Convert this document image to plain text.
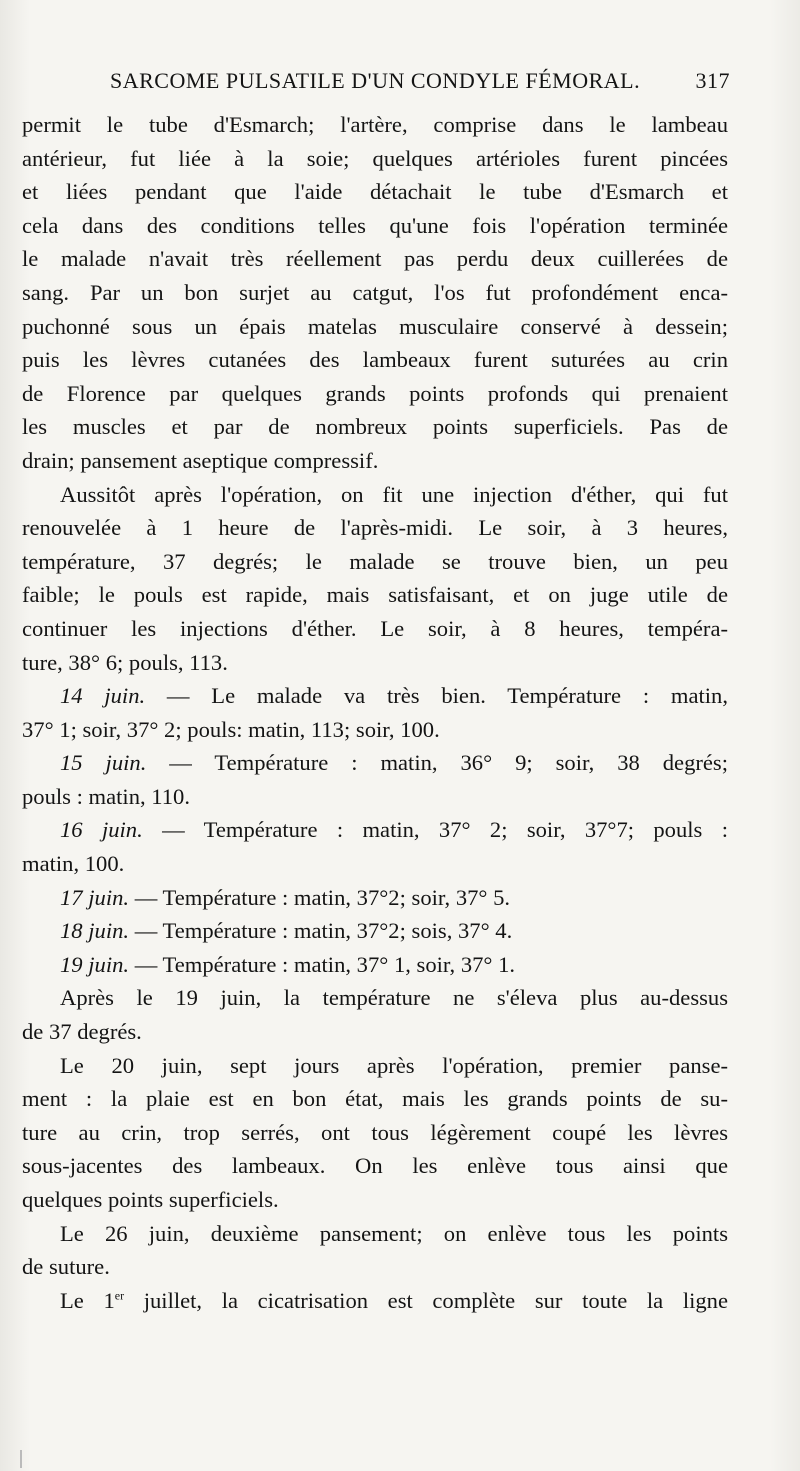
SARCOME PULSATILE D'UN CONDYLE FÉMORAL.	317
permit le tube d'Esmarch; l'artère, comprise dans le lambeau
antérieur, fut liée à la soie; quelques artérioles furent pincées
et liées pendant que l'aide détachait le tube d'Esmarch et
cela dans des conditions telles qu'une fois l'opération terminée
le malade n'avait très réellement pas perdu deux cuillerées de
sang. Par un bon surjet au catgut, l'os fut profondément enca-
puchonné sous un épais matelas musculaire conservé à dessein;
puis les lèvres cutanées des lambeaux furent suturées au crin
de Florence par quelques grands points profonds qui prenaient
les muscles et par de nombreux points superficiels. Pas de
drain; pansement aseptique compressif.
Aussitôt après l'opération, on fit une injection d'éther, qui fut
renouvelée à 1 heure de l'après-midi. Le soir, à 3 heures,
température, 37 degrés; le malade se trouve bien, un peu
faible; le pouls est rapide, mais satisfaisant, et on juge utile de
continuer les injections d'éther. Le soir, à 8 heures, tempéra-
ture, 38° 6; pouls, 113.
14 juin. — Le malade va très bien. Température : matin,
37° 1; soir, 37° 2; pouls: matin, 113; soir, 100.
15 juin. — Température : matin, 36° 9; soir, 38 degrés;
pouls : matin, 110.
16 juin. — Température : matin, 37° 2; soir, 37°7; pouls :
matin, 100.
17 juin. — Température : matin, 37°2; soir, 37° 5.
18 juin. — Température : matin, 37°2; sois, 37° 4.
19 juin. — Température : matin, 37° 1, soir, 37° 1.
Après le 19 juin, la température ne s'éleva plus au-dessus
de 37 degrés.
Le 20 juin, sept jours après l'opération, premier panse-
ment : la plaie est en bon état, mais les grands points de su-
ture au crin, trop serrés, ont tous légèrement coupé les lèvres
sous-jacentes des lambeaux. On les enlève tous ainsi que
quelques points superficiels.
Le 26 juin, deuxième pansement; on enlève tous les points
de suture.
Le 1er juillet, la cicatrisation est complète sur toute la ligne
